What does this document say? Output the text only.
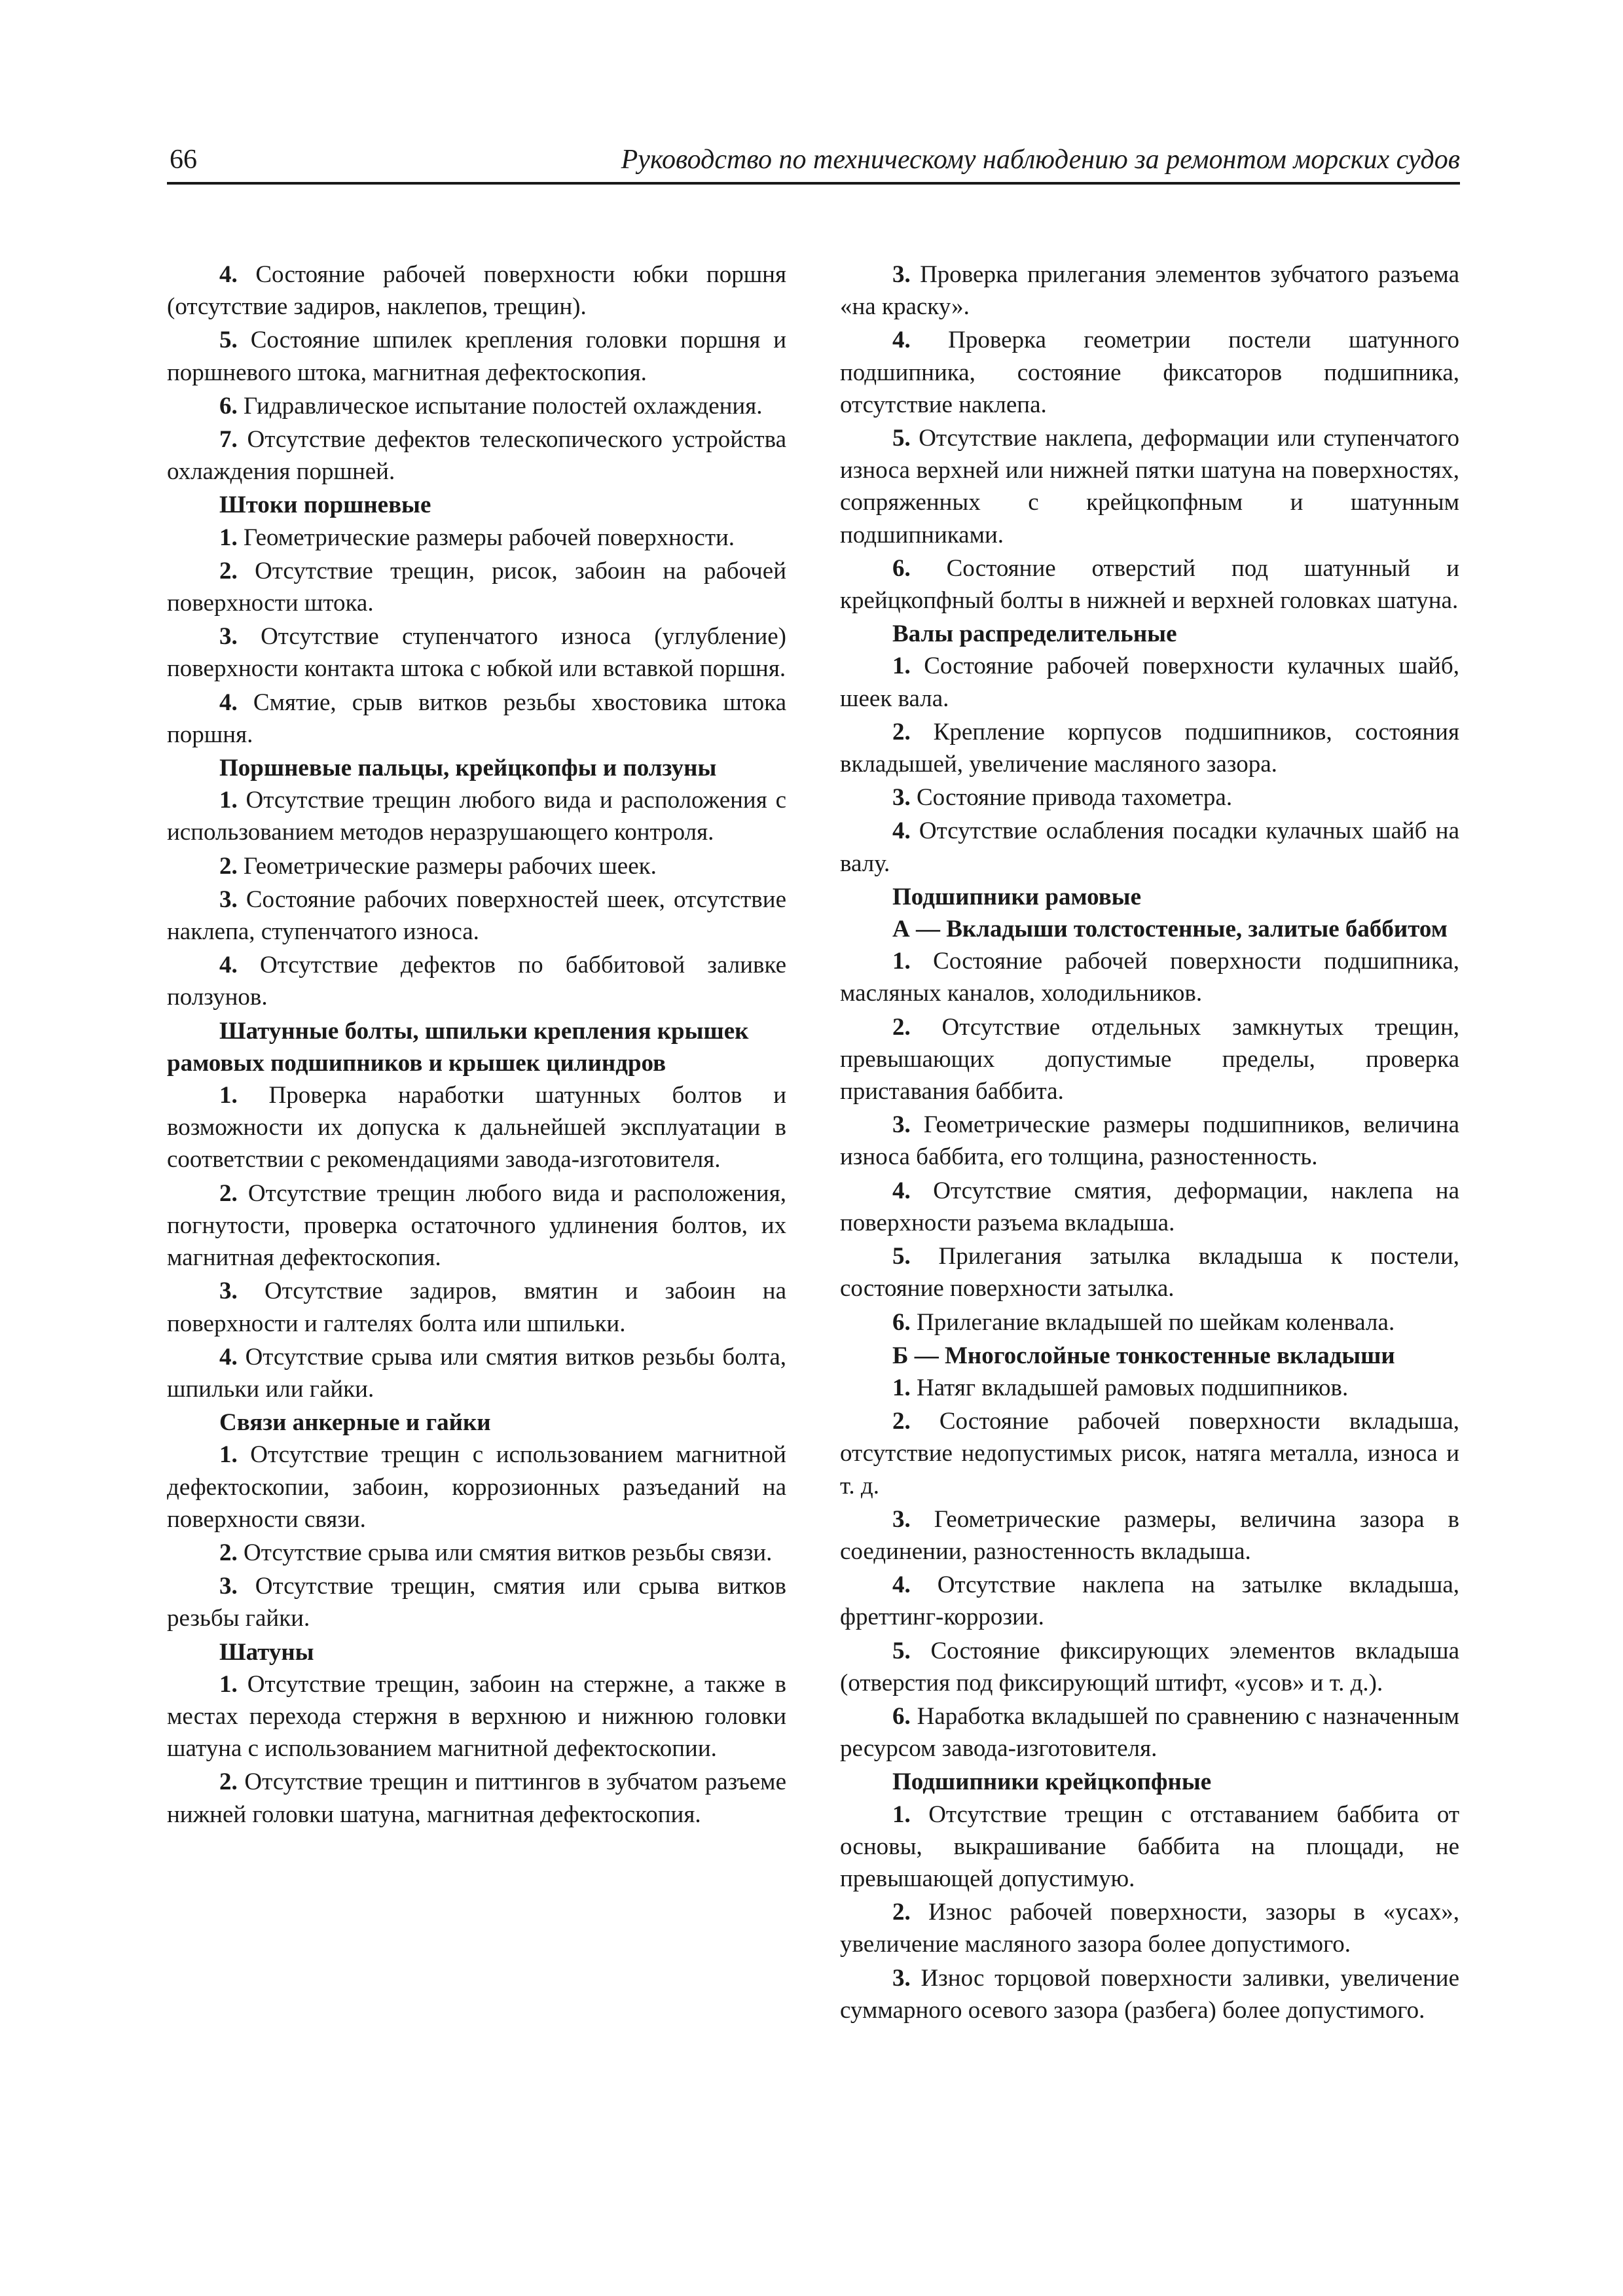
66	Руководство по техническому наблюдению за ремонтом морских судов

4. Состояние рабочей поверхности юбки поршня (отсутствие задиров, наклепов, трещин).

5. Состояние шпилек крепления головки поршня и поршневого штока, магнитная дефектоскопия.

6. Гидравлическое испытание полостей охлаждения.

7. Отсутствие дефектов телескопического устройства охлаждения поршней.

Штоки поршневые

1. Геометрические размеры рабочей поверхности.

2. Отсутствие трещин, рисок, забоин на рабочей поверхности штока.

3. Отсутствие ступенчатого износа (углубление) поверхности контакта штока с юбкой или вставкой поршня.

4. Смятие, срыв витков резьбы хвостовика штока поршня.

Поршневые пальцы, крейцкопфы и ползуны

1. Отсутствие трещин любого вида и расположения с использованием методов неразрушающего контроля.

2. Геометрические размеры рабочих шеек.

3. Состояние рабочих поверхностей шеек, отсутствие наклепа, ступенчатого износа.

4. Отсутствие дефектов по баббитовой заливке ползунов.

Шатунные болты, шпильки крепления крышек рамовых подшипников и крышек цилиндров

1. Проверка наработки шатунных болтов и возможности их допуска к дальнейшей эксплуатации в соответствии с рекомендациями завода-изготовителя.

2. Отсутствие трещин любого вида и расположения, погнутости, проверка остаточного удлинения болтов, их магнитная дефектоскопия.

3. Отсутствие задиров, вмятин и забоин на поверхности и галтелях болта или шпильки.

4. Отсутствие срыва или смятия витков резьбы болта, шпильки или гайки.

Связи анкерные и гайки

1. Отсутствие трещин с использованием магнитной дефектоскопии, забоин, коррозионных разъеданий на поверхности связи.

2. Отсутствие срыва или смятия витков резьбы связи.

3. Отсутствие трещин, смятия или срыва витков резьбы гайки.

Шатуны

1. Отсутствие трещин, забоин на стержне, а также в местах перехода стержня в верхнюю и нижнюю головки шатуна с использованием магнитной дефектоскопии.

2. Отсутствие трещин и питтингов в зубчатом разъеме нижней головки шатуна, магнитная дефектоскопия.

3. Проверка прилегания элементов зубчатого разъема «на краску».

4. Проверка геометрии постели шатунного подшипника, состояние фиксаторов подшипника, отсутствие наклепа.

5. Отсутствие наклепа, деформации или ступенчатого износа верхней или нижней пятки шатуна на поверхностях, сопряженных с крейцкопфным и шатунным подшипниками.

6. Состояние отверстий под шатунный и крейцкопфный болты в нижней и верхней головках шатуна.

Валы распределительные

1. Состояние рабочей поверхности кулачных шайб, шеек вала.

2. Крепление корпусов подшипников, состояния вкладышей, увеличение масляного зазора.

3. Состояние привода тахометра.

4. Отсутствие ослабления посадки кулачных шайб на валу.

Подшипники рамовые

А — Вкладыши толстостенные, залитые баббитом

1. Состояние рабочей поверхности подшипника, масляных каналов, холодильников.

2. Отсутствие отдельных замкнутых трещин, превышающих допустимые пределы, проверка приставания баббита.

3. Геометрические размеры подшипников, величина износа баббита, его толщина, разностенность.

4. Отсутствие смятия, деформации, наклепа на поверхности разъема вкладыша.

5. Прилегания затылка вкладыша к постели, состояние поверхности затылка.

6. Прилегание вкладышей по шейкам коленвала.

Б — Многослойные тонкостенные вкладыши

1. Натяг вкладышей рамовых подшипников.

2. Состояние рабочей поверхности вкладыша, отсутствие недопустимых рисок, натяга металла, износа и т. д.

3. Геометрические размеры, величина зазора в соединении, разностенность вкладыша.

4. Отсутствие наклепа на затылке вкладыша, фреттинг-коррозии.

5. Состояние фиксирующих элементов вкладыша (отверстия под фиксирующий штифт, «усов» и т. д.).

6. Наработка вкладышей по сравнению с назначенным ресурсом завода-изготовителя.

Подшипники крейцкопфные

1. Отсутствие трещин с отставанием баббита от основы, выкрашивание баббита на площади, не превышающей допустимую.

2. Износ рабочей поверхности, зазоры в «усах», увеличение масляного зазора более допустимого.

3. Износ торцовой поверхности заливки, увеличение суммарного осевого зазора (разбега) более допустимого.
